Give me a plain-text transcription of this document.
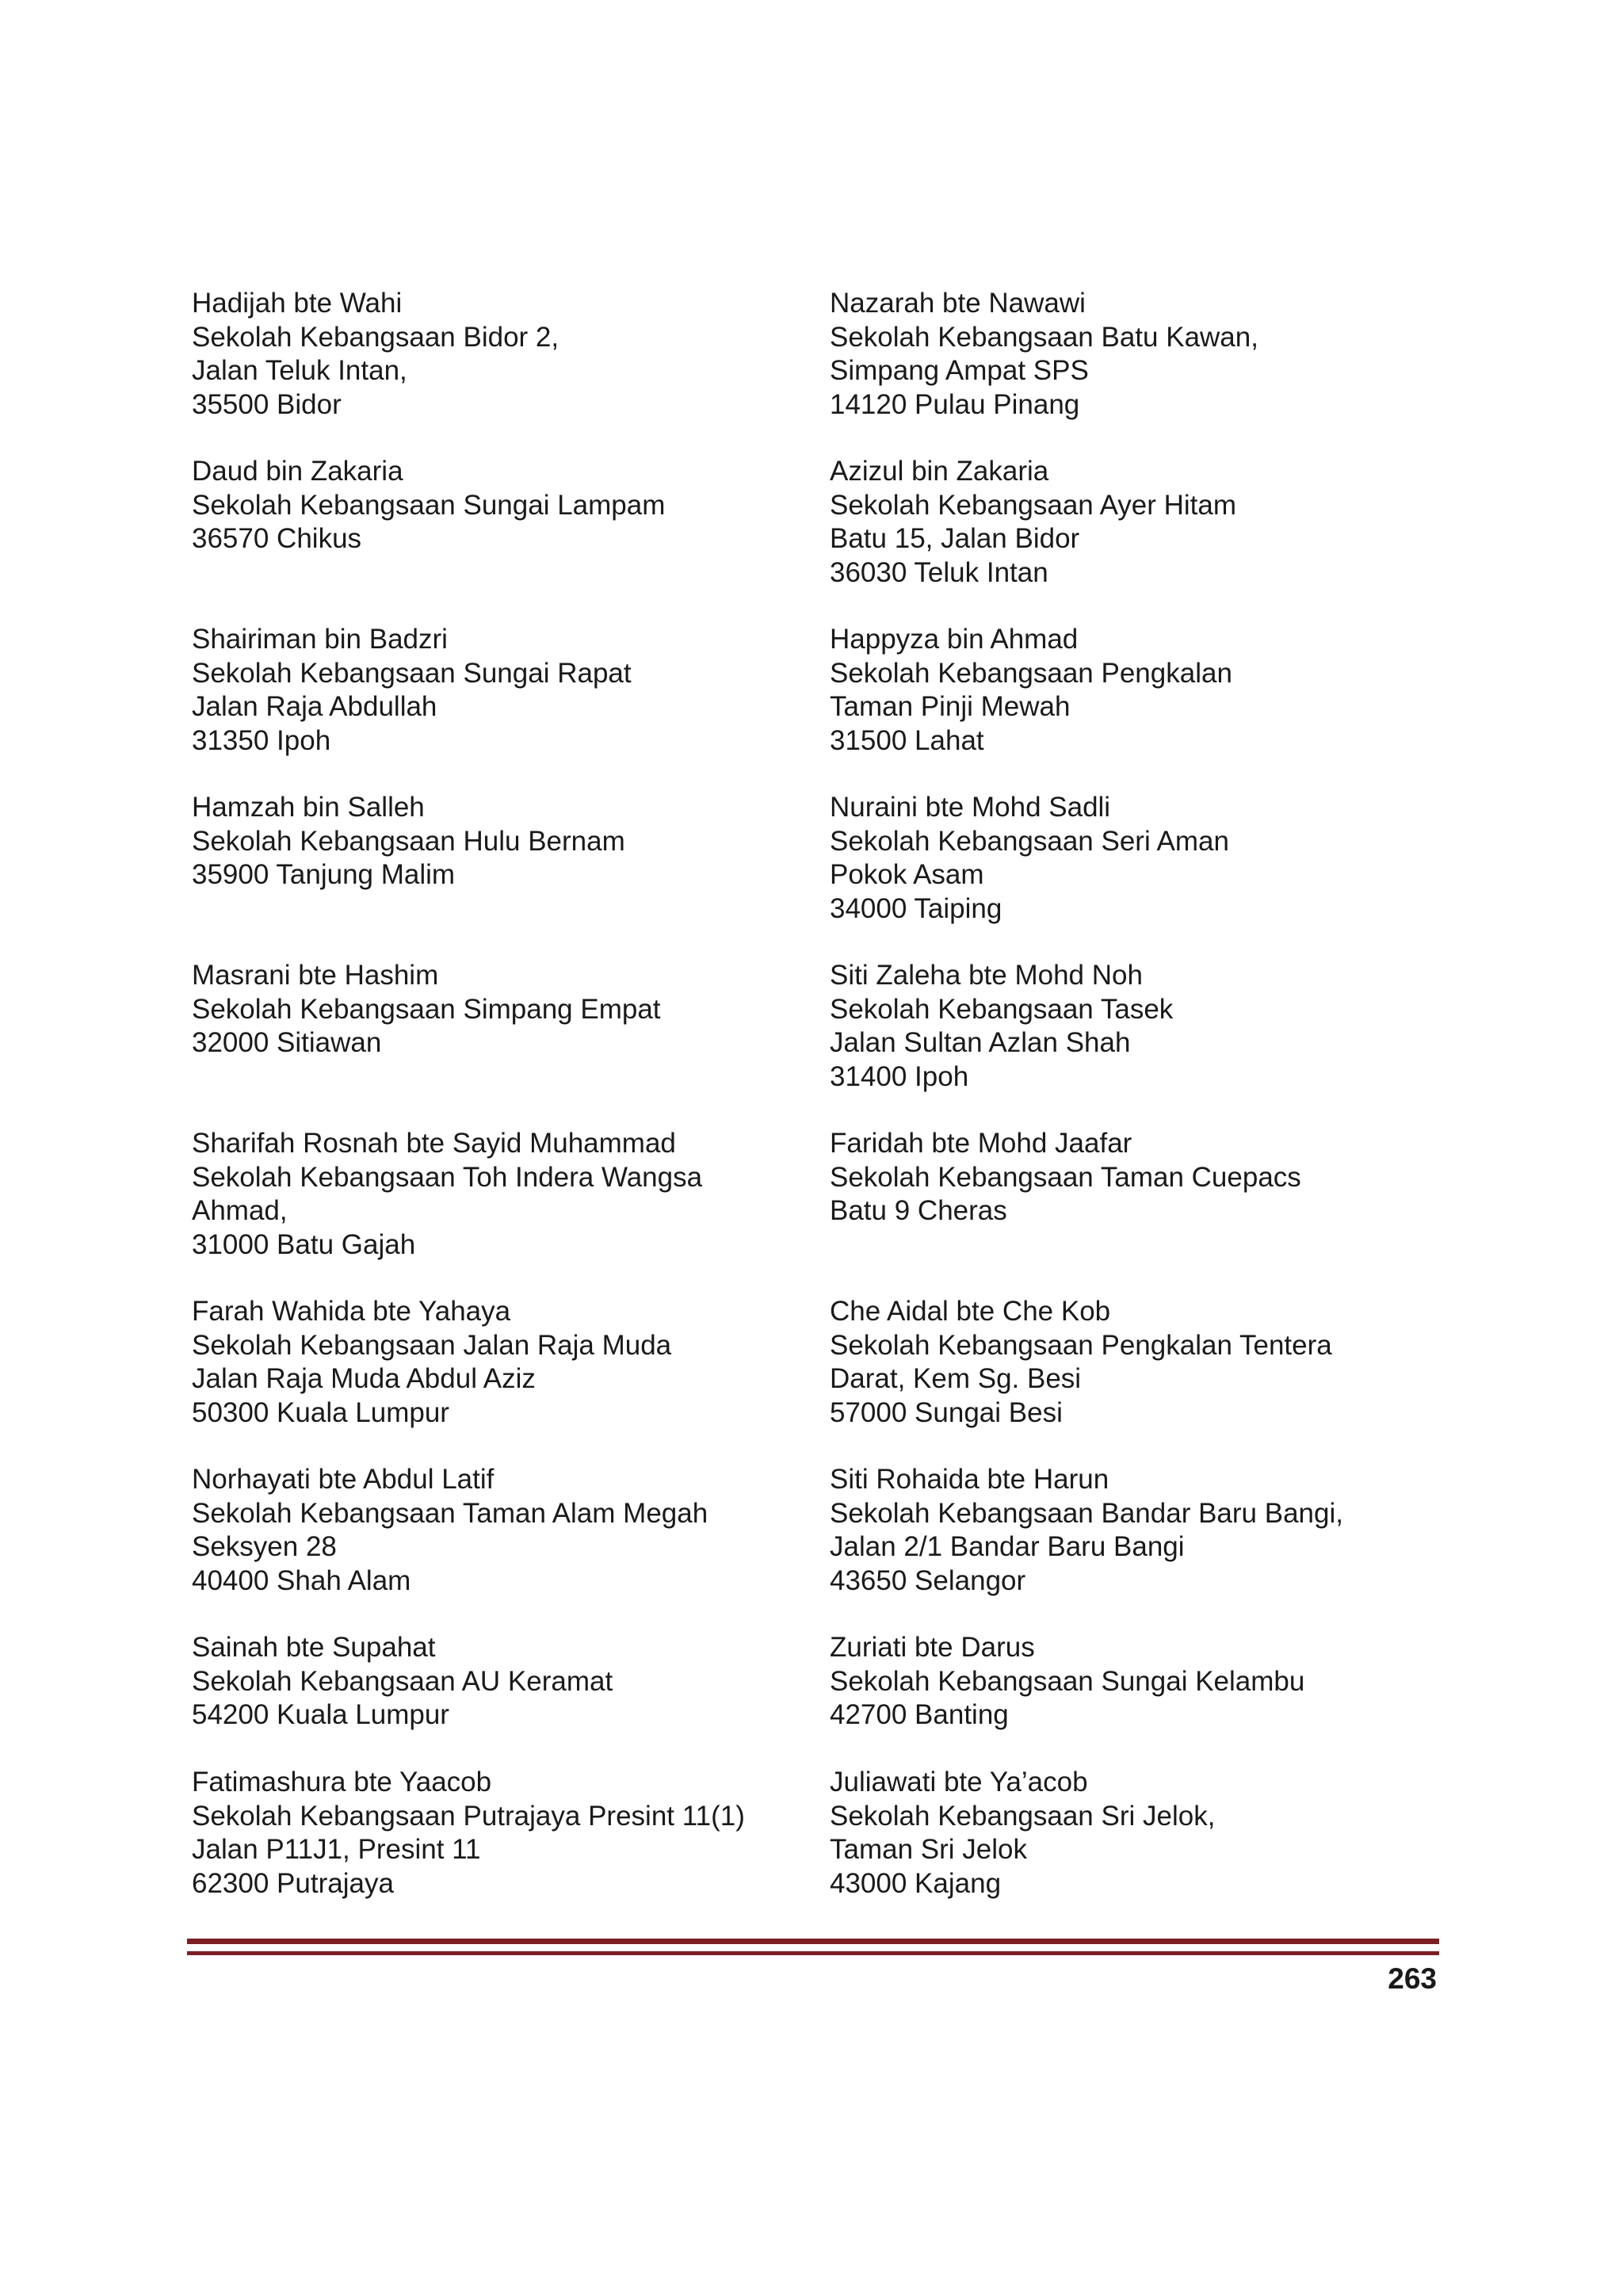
Hadijah bte Wahi
Sekolah Kebangsaan Bidor 2,
Jalan Teluk Intan,
35500 Bidor
Nazarah bte Nawawi
Sekolah Kebangsaan Batu Kawan,
Simpang Ampat SPS
14120 Pulau Pinang
Daud bin Zakaria
Sekolah Kebangsaan Sungai Lampam
36570 Chikus
Azizul bin Zakaria
Sekolah Kebangsaan Ayer Hitam
Batu 15, Jalan Bidor
36030 Teluk Intan
Shairiman bin Badzri
Sekolah Kebangsaan Sungai Rapat
Jalan Raja Abdullah
31350 Ipoh
Happyza bin Ahmad
Sekolah Kebangsaan Pengkalan
Taman Pinji Mewah
31500 Lahat
Hamzah bin Salleh
Sekolah Kebangsaan Hulu Bernam
35900 Tanjung Malim
Nuraini bte Mohd Sadli
Sekolah Kebangsaan Seri Aman
Pokok Asam
34000 Taiping
Masrani bte Hashim
Sekolah Kebangsaan Simpang Empat
32000 Sitiawan
Siti Zaleha bte Mohd Noh
Sekolah Kebangsaan Tasek
Jalan Sultan Azlan Shah
31400 Ipoh
Sharifah Rosnah bte Sayid Muhammad
Sekolah Kebangsaan Toh Indera Wangsa
Ahmad,
31000 Batu Gajah
Faridah bte Mohd Jaafar
Sekolah Kebangsaan Taman Cuepacs
Batu 9 Cheras
Farah Wahida bte Yahaya
Sekolah Kebangsaan Jalan Raja Muda
Jalan Raja Muda Abdul Aziz
50300 Kuala Lumpur
Che Aidal bte Che Kob
Sekolah Kebangsaan Pengkalan Tentera
Darat, Kem Sg. Besi
57000 Sungai Besi
Norhayati bte Abdul Latif
Sekolah Kebangsaan Taman Alam Megah
Seksyen 28
40400 Shah Alam
Siti Rohaida bte Harun
Sekolah Kebangsaan Bandar Baru Bangi,
Jalan 2/1 Bandar Baru Bangi
43650 Selangor
Sainah bte Supahat
Sekolah Kebangsaan AU Keramat
54200 Kuala Lumpur
Zuriati bte Darus
Sekolah Kebangsaan Sungai Kelambu
42700 Banting
Fatimashura bte Yaacob
Sekolah Kebangsaan Putrajaya Presint 11(1)
Jalan P11J1, Presint 11
62300 Putrajaya
Juliawati bte Ya’acob
Sekolah Kebangsaan Sri Jelok,
Taman Sri Jelok
43000 Kajang
263
